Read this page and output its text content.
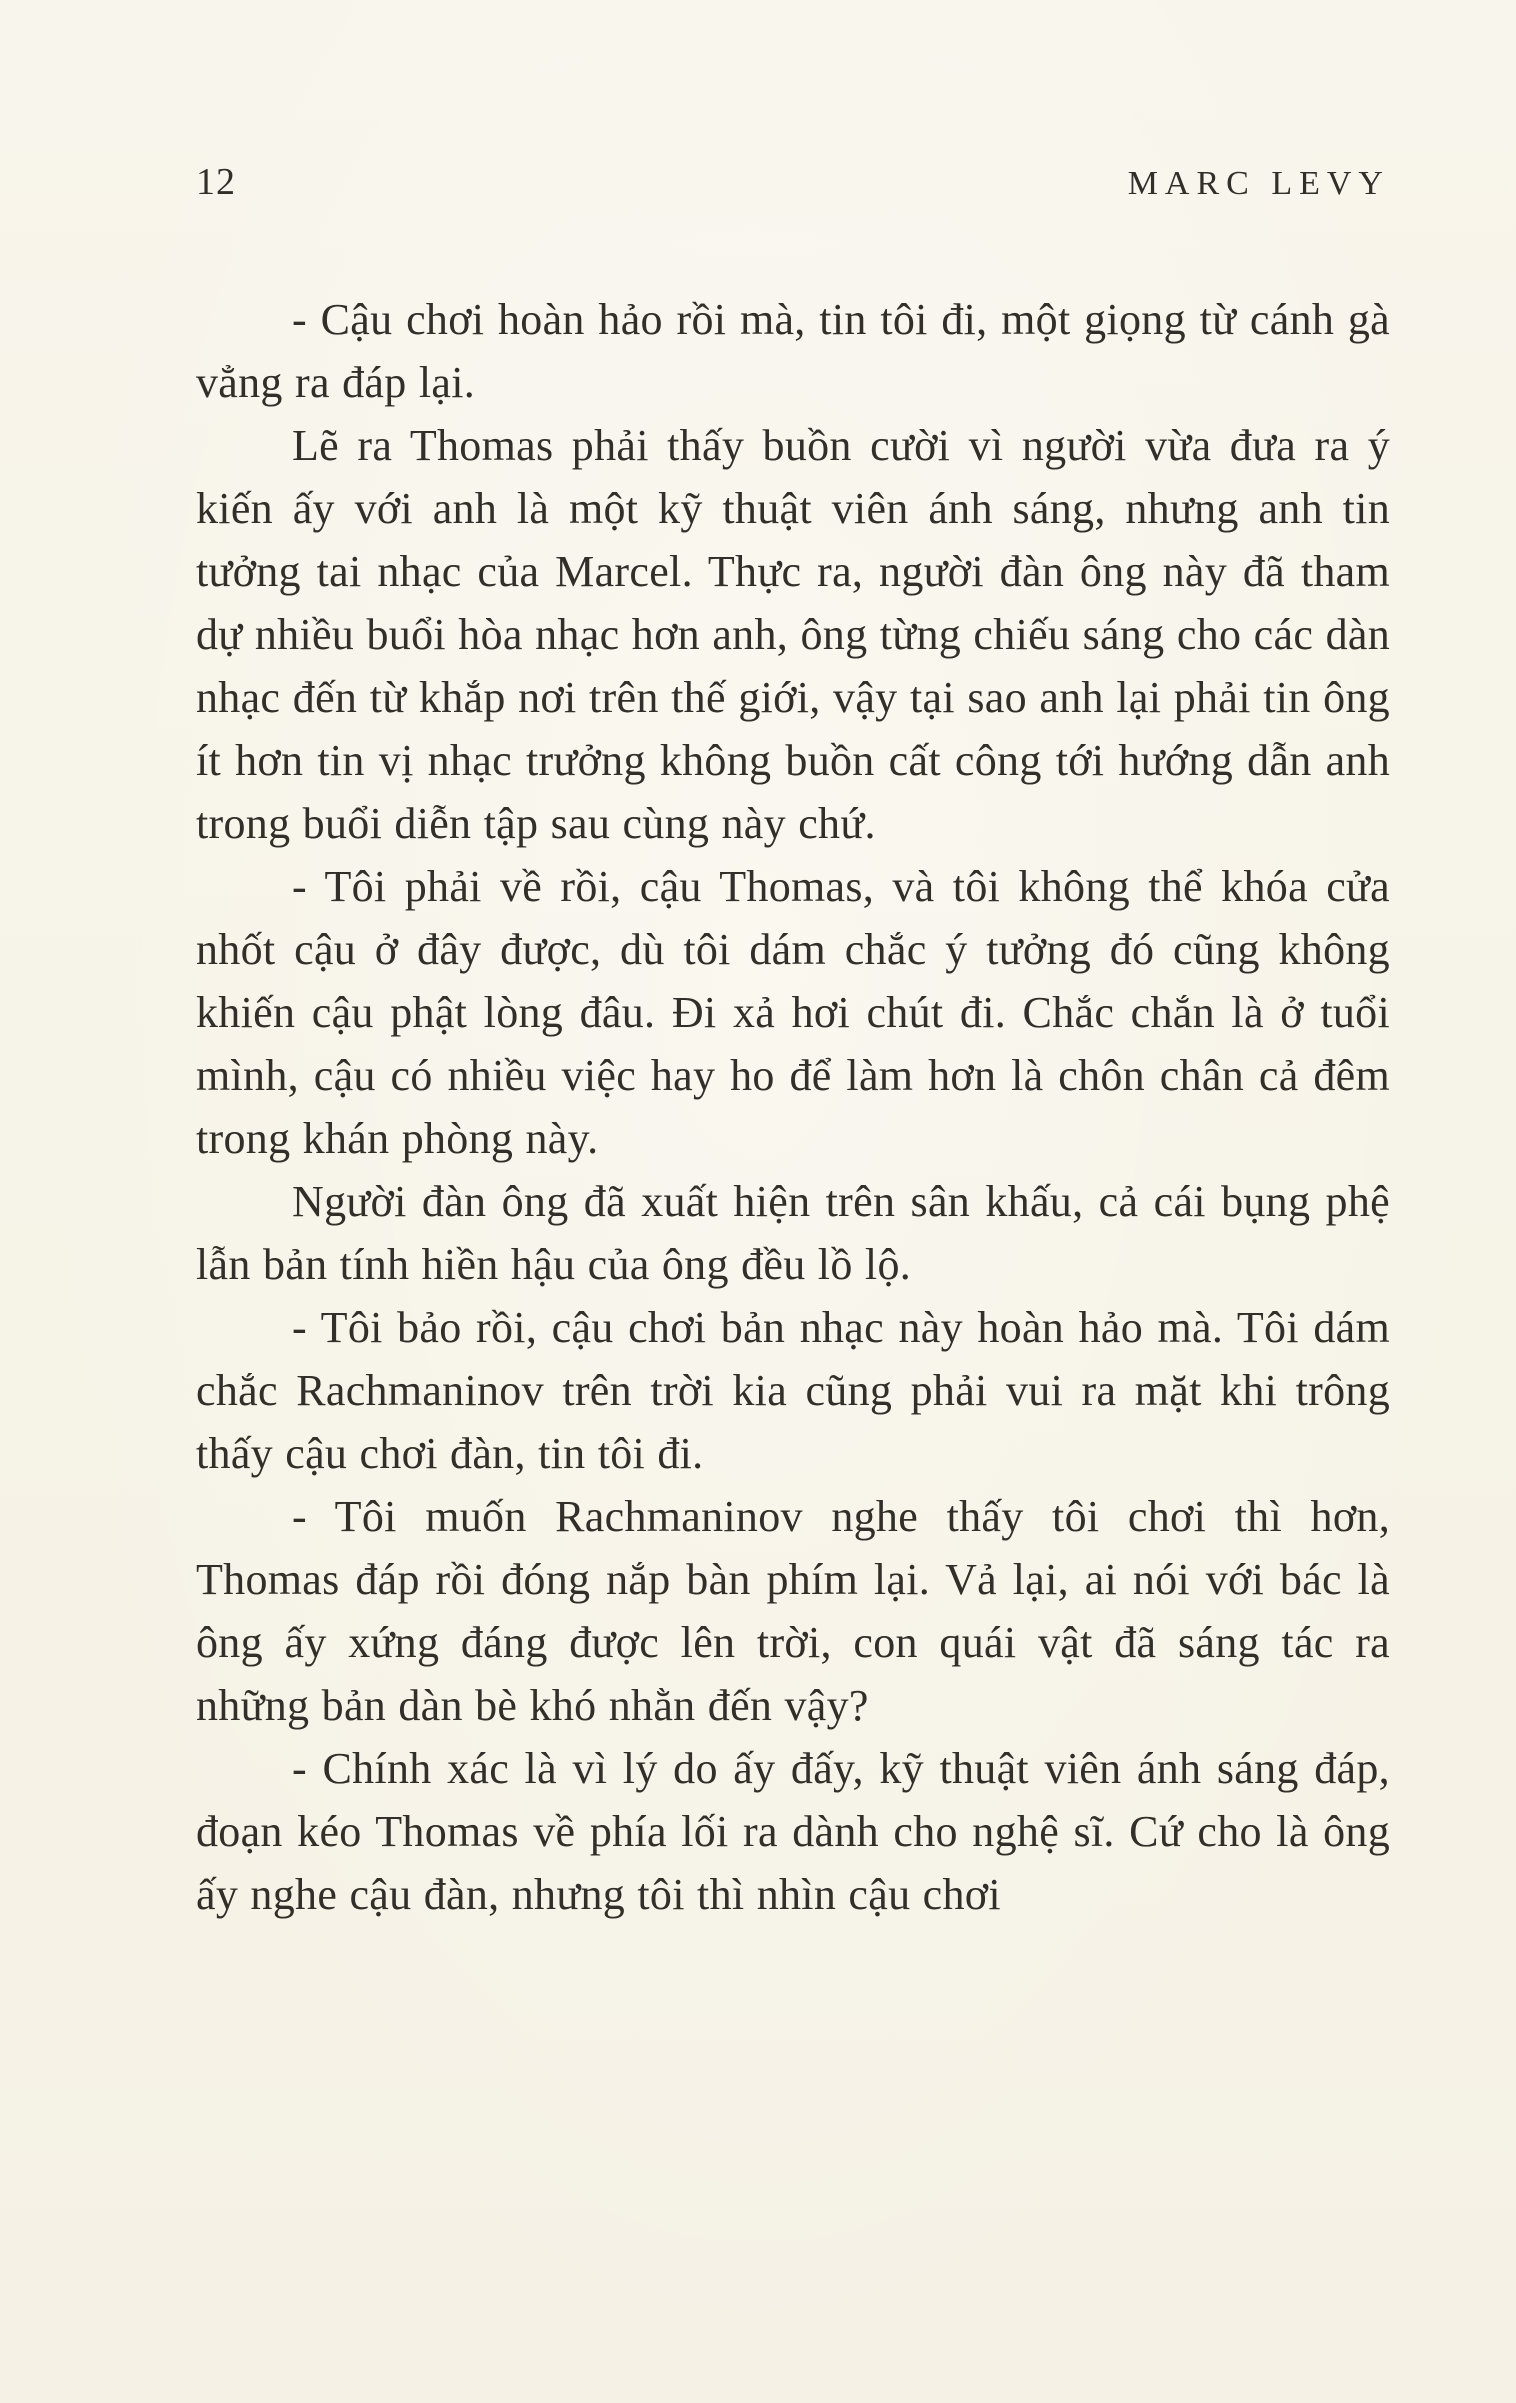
12	MARC LEVY

- Cậu chơi hoàn hảo rồi mà, tin tôi đi, một giọng từ cánh gà vẳng ra đáp lại.

Lẽ ra Thomas phải thấy buồn cười vì người vừa đưa ra ý kiến ấy với anh là một kỹ thuật viên ánh sáng, nhưng anh tin tưởng tai nhạc của Marcel. Thực ra, người đàn ông này đã tham dự nhiều buổi hòa nhạc hơn anh, ông từng chiếu sáng cho các dàn nhạc đến từ khắp nơi trên thế giới, vậy tại sao anh lại phải tin ông ít hơn tin vị nhạc trưởng không buồn cất công tới hướng dẫn anh trong buổi diễn tập sau cùng này chứ.

- Tôi phải về rồi, cậu Thomas, và tôi không thể khóa cửa nhốt cậu ở đây được, dù tôi dám chắc ý tưởng đó cũng không khiến cậu phật lòng đâu. Đi xả hơi chút đi. Chắc chắn là ở tuổi mình, cậu có nhiều việc hay ho để làm hơn là chôn chân cả đêm trong khán phòng này.

Người đàn ông đã xuất hiện trên sân khấu, cả cái bụng phệ lẫn bản tính hiền hậu của ông đều lồ lộ.

- Tôi bảo rồi, cậu chơi bản nhạc này hoàn hảo mà. Tôi dám chắc Rachmaninov trên trời kia cũng phải vui ra mặt khi trông thấy cậu chơi đàn, tin tôi đi.

- Tôi muốn Rachmaninov nghe thấy tôi chơi thì hơn, Thomas đáp rồi đóng nắp bàn phím lại. Vả lại, ai nói với bác là ông ấy xứng đáng được lên trời, con quái vật đã sáng tác ra những bản dàn bè khó nhằn đến vậy?

- Chính xác là vì lý do ấy đấy, kỹ thuật viên ánh sáng đáp, đoạn kéo Thomas về phía lối ra dành cho nghệ sĩ. Cứ cho là ông ấy nghe cậu đàn, nhưng tôi thì nhìn cậu chơi
